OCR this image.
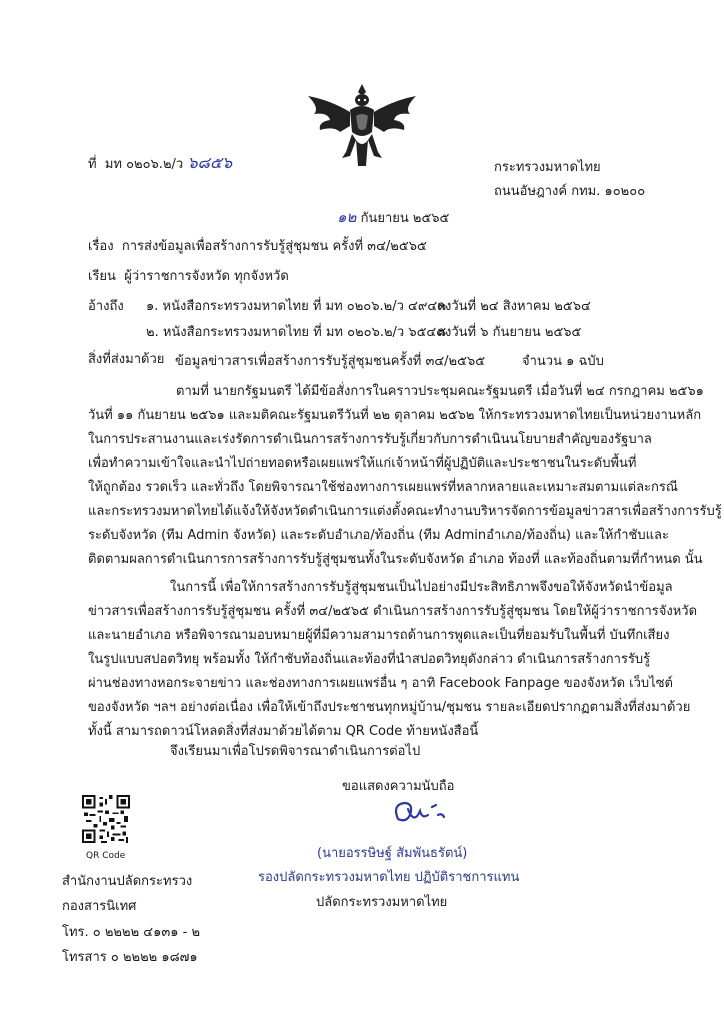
ที่ มท ๐๒๐๖.๒/ว ๖๘๕๖	กระทรวงมหาดไทย
ถนนอัษฎางค์ กทม. ๑๐๒๐๐
๑๒ กันยายน ๒๕๖๕
เรื่อง การส่งข้อมูลเพื่อสร้างการรับรู้สู่ชุมชน ครั้งที่ ๓๔/๒๕๖๕
เรียน ผู้ว่าราชการจังหวัด ทุกจังหวัด
อ้างถึง ๑. หนังสือกระทรวงมหาดไทย ที่ มท ๐๒๐๖.๒/ว ๔๙๔๓
ลงวันที่ ๒๔ สิงหาคม ๒๕๖๔
๒. หนังสือกระทรวงมหาดไทย ที่ มท ๐๒๐๖.๒/ว ๖๕๔๘
ลงวันที่ ๖ กันยายน ๒๕๖๕
สิ่งที่ส่งมาด้วย ข้อมูลข่าวสารเพื่อสร้างการรับรู้สู่ชุมชนครั้งที่ ๓๔/๒๕๖๕	จำนวน ๑ ฉบับ
ตามที่ นายกรัฐมนตรี ได้มีข้อสั่งการในคราวประชุมคณะรัฐมนตรี เมื่อวันที่ ๒๔ กรกฎาคม ๒๕๖๑
วันที่ ๑๑ กันยายน ๒๕๖๑ และมติคณะรัฐมนตรีวันที่ ๒๒ ตุลาคม ๒๕๖๒ ให้กระทรวงมหาดไทยเป็นหน่วยงานหลัก
ในการประสานงานและเร่งรัดการดำเนินการสร้างการรับรู้เกี่ยวกับการดำเนินนโยบายสำคัญของรัฐบาล
เพื่อทำความเข้าใจและนำไปถ่ายทอดหรือเผยแพร่ให้แก่เจ้าหน้าที่ผู้ปฏิบัติและประชาชนในระดับพื้นที่
ให้ถูกต้อง รวดเร็ว และทั่วถึง โดยพิจารณาใช้ช่องทางการเผยแพร่ที่หลากหลายและเหมาะสมตามแต่ละกรณี
และกระทรวงมหาดไทยได้แจ้งให้จังหวัดดำเนินการแต่งตั้งคณะทำงานบริหารจัดการข้อมูลข่าวสารเพื่อสร้างการรับรู้
ระดับจังหวัด (ทีม Admin จังหวัด) และระดับอำเภอ/ท้องถิ่น (ทีม Adminอำเภอ/ท้องถิ่น) และให้กำชับและ
ติดตามผลการดำเนินการการสร้างการรับรู้สู่ชุมชนทั้งในระดับจังหวัด อำเภอ ท้องที่ และท้องถิ่นตามที่กำหนด นั้น
ในการนี้ เพื่อให้การสร้างการรับรู้สู่ชุมชนเป็นไปอย่างมีประสิทธิภาพจึงขอให้จังหวัดนำข้อมูล
ข่าวสารเพื่อสร้างการรับรู้สู่ชุมชน ครั้งที่ ๓๔/๒๕๖๕ ดำเนินการสร้างการรับรู้สู่ชุมชน โดยให้ผู้ว่าราชการจังหวัด
และนายอำเภอ หรือพิจารณามอบหมายผู้ที่มีความสามารถด้านการพูดและเป็นที่ยอมรับในพื้นที่ บันทึกเสียง
ในรูปแบบสปอตวิทยุ พร้อมทั้ง ให้กำชับท้องถิ่นและท้องที่นำสปอตวิทยุดังกล่าว ดำเนินการสร้างการรับรู้
ผ่านช่องทางหอกระจายข่าว และช่องทางการเผยแพร่อื่น ๆ อาทิ Facebook Fanpage ของจังหวัด เว็บไซต์
ของจังหวัด ฯลฯ อย่างต่อเนื่อง เพื่อให้เข้าถึงประชาชนทุกหมู่บ้าน/ชุมชน รายละเอียดปรากฏตามสิ่งที่ส่งมาด้วย
ทั้งนี้ สามารถดาวน์โหลดสิ่งที่ส่งมาด้วยได้ตาม QR Code ท้ายหนังสือนี้
จึงเรียนมาเพื่อโปรดพิจารณาดำเนินการต่อไป
ขอแสดงความนับถือ
(นายอรรษิษฐ์ สัมพันธรัตน์)
รองปลัดกระทรวงมหาดไทย ปฏิบัติราชการแทน
ปลัดกระทรวงมหาดไทย
QR Code
สำนักงานปลัดกระทรวง
กองสารนิเทศ
โทร. ๐ ๒๒๒๒ ๔๑๓๑ - ๒
โทรสาร ๐ ๒๒๒๒ ๑๘๗๑
